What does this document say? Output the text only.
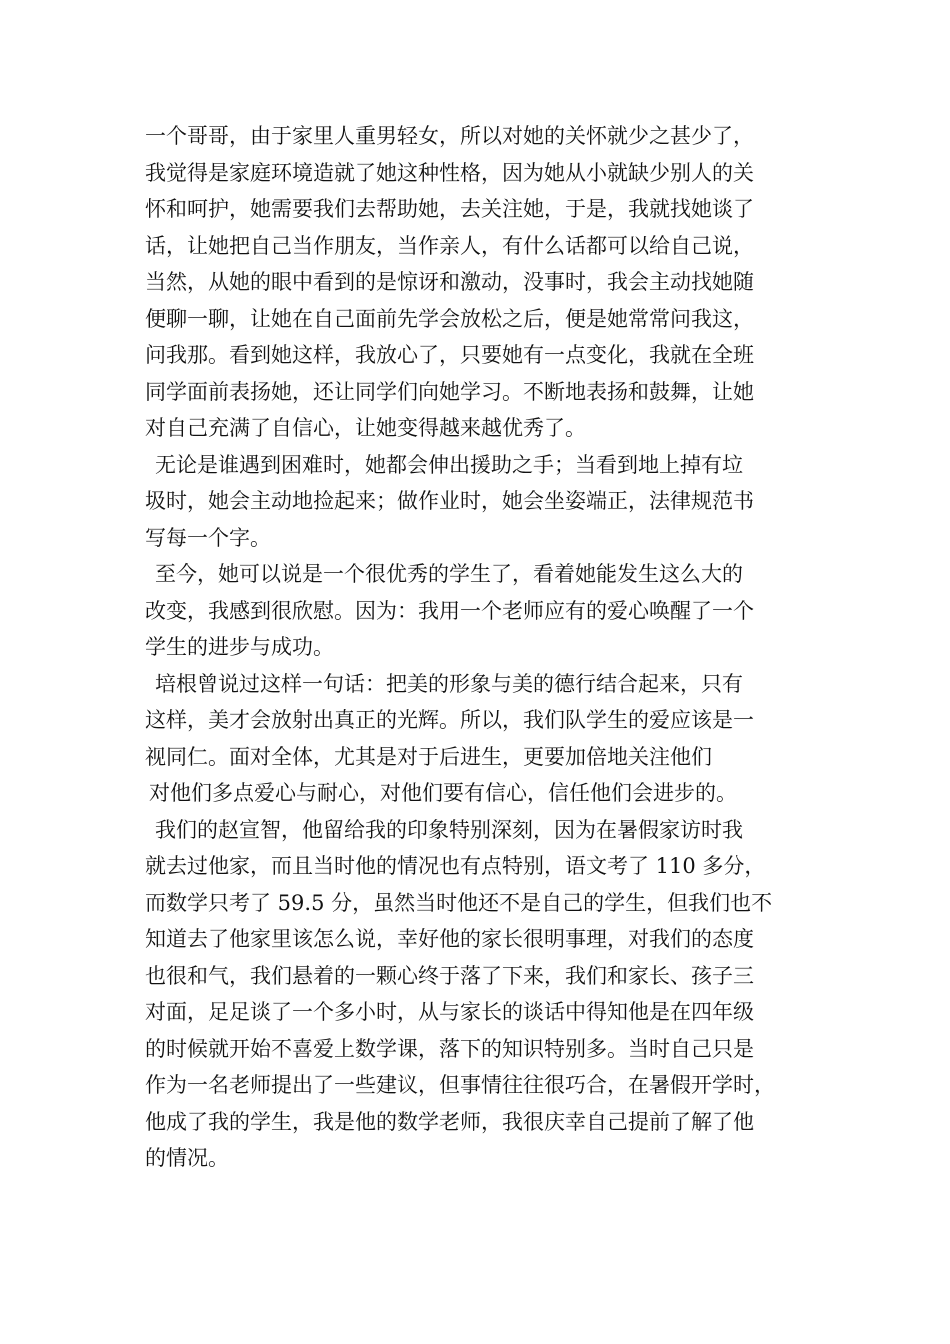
一个哥哥，由于家里人重男轻女，所以对她的关怀就少之甚少了，
我觉得是家庭环境造就了她这种性格，因为她从小就缺少别人的关
怀和呵护，她需要我们去帮助她，去关注她，于是，我就找她谈了
话，让她把自己当作朋友，当作亲人，有什么话都可以给自己说，
当然，从她的眼中看到的是惊讶和激动，没事时，我会主动找她随
便聊一聊，让她在自己面前先学会放松之后，便是她常常问我这，
问我那。看到她这样，我放心了，只要她有一点变化，我就在全班
同学面前表扬她，还让同学们向她学习。不断地表扬和鼓舞，让她
对自己充满了自信心，让她变得越来越优秀了。
无论是谁遇到困难时，她都会伸出援助之手；当看到地上掉有垃
圾时，她会主动地捡起来；做作业时，她会坐姿端正，法律规范书
写每一个字。
至今，她可以说是一个很优秀的学生了，看着她能发生这么大的
改变，我感到很欣慰。因为：我用一个老师应有的爱心唤醒了一个
学生的进步与成功。
培根曾说过这样一句话：把美的形象与美的德行结合起来，只有
这样，美才会放射出真正的光辉。所以，我们队学生的爱应该是一
视同仁。面对全体，尤其是对于后进生，更要加倍地关注他们
对他们多点爱心与耐心，对他们要有信心，信任他们会进步的。
我们的赵宣智，他留给我的印象特别深刻，因为在暑假家访时我
就去过他家，而且当时他的情况也有点特别，语文考了 110 多分，
而数学只考了 59.5 分，虽然当时他还不是自己的学生，但我们也不
知道去了他家里该怎么说，幸好他的家长很明事理，对我们的态度
也很和气，我们悬着的一颗心终于落了下来，我们和家长、孩子三
对面，足足谈了一个多小时，从与家长的谈话中得知他是在四年级
的时候就开始不喜爱上数学课，落下的知识特别多。当时自己只是
作为一名老师提出了一些建议，但事情往往很巧合，在暑假开学时，
他成了我的学生，我是他的数学老师，我很庆幸自己提前了解了他
的情况。
